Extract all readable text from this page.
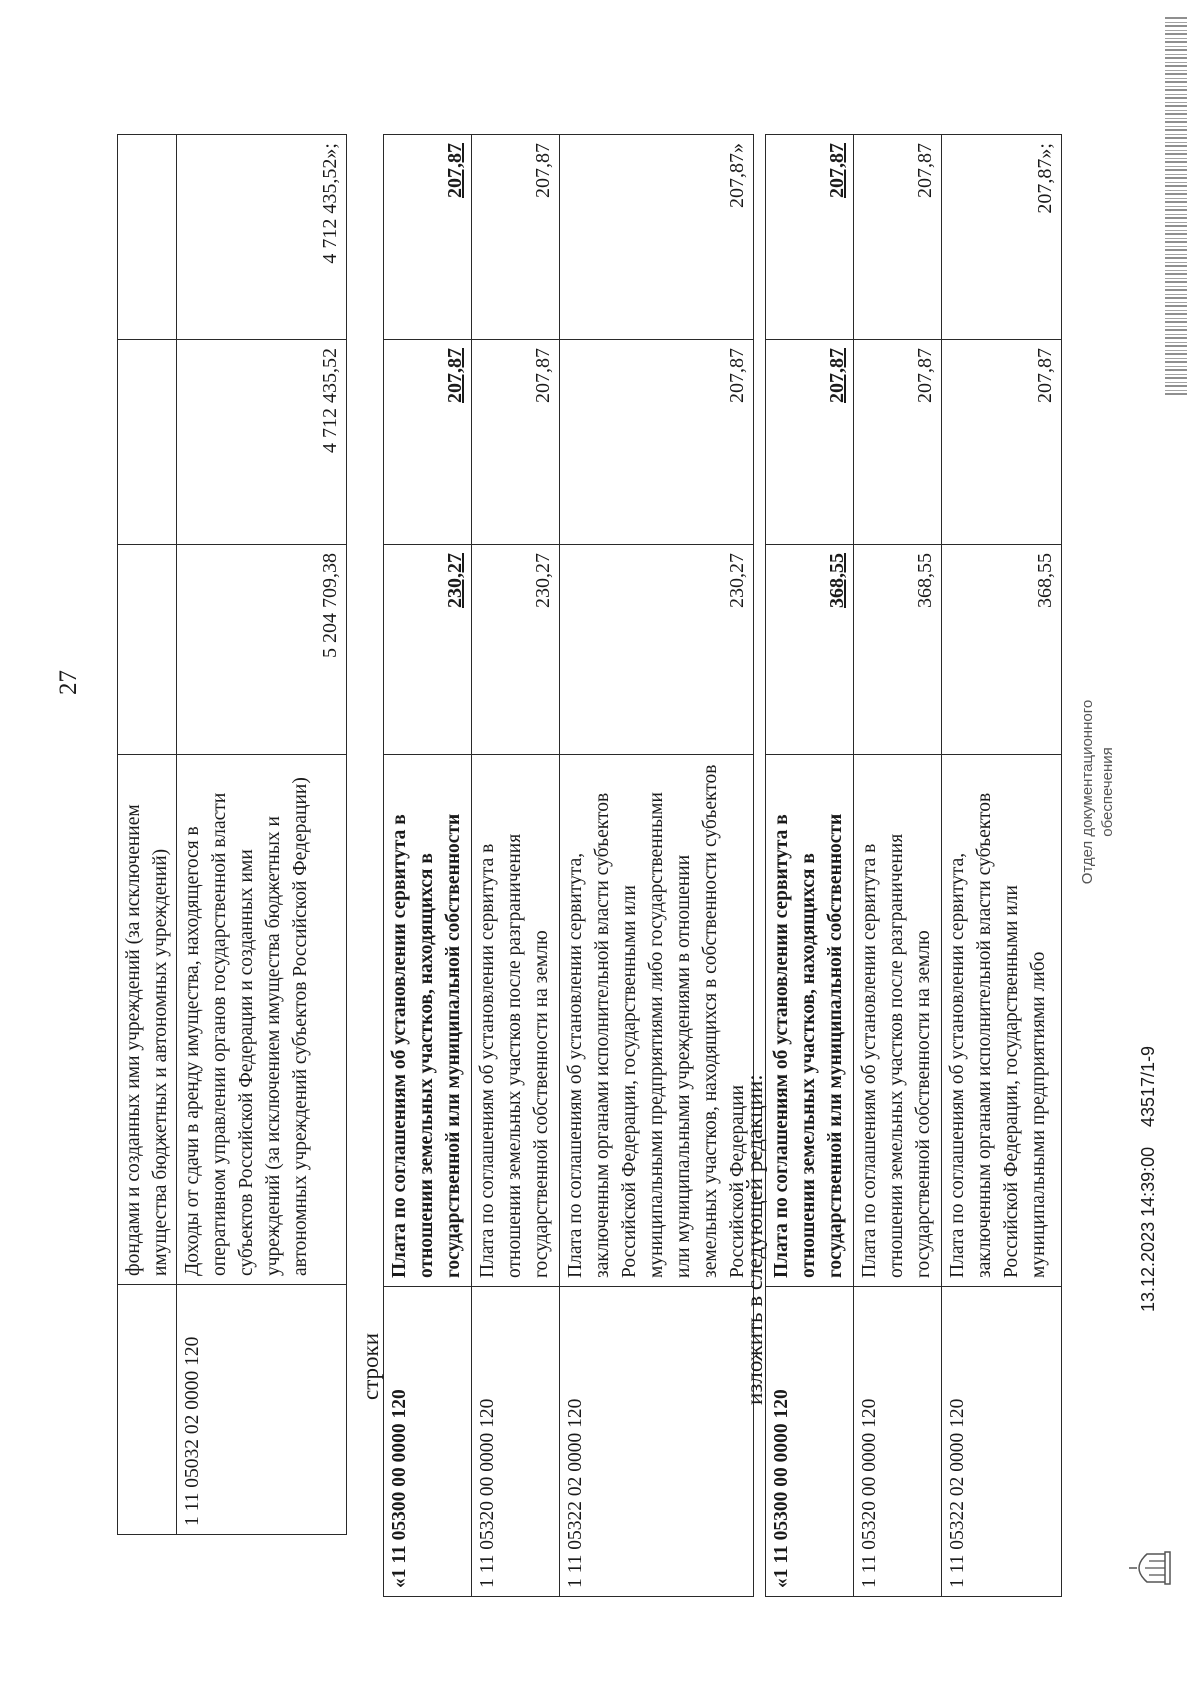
27
	фондами и созданных ими учреждений (за исключением имущества бюджетных и автономных учреждений)			
1 11 05032 02 0000 120	Доходы от сдачи в аренду имущества, находящегося в оперативном управлении органов государственной власти субъектов Российской Федерации и созданных ими учреждений (за исключением имущества бюджетных и автономных учреждений субъектов Российской Федерации)	5 204 709,38	4 712 435,52	4 712 435,52»;
строки
«1 11 05300 00 0000 120	Плата по соглашениям об установлении сервитута в отношении земельных участков, находящихся в государственной или муниципальной собственности	230,27	207,87	207,87
1 11 05320 00 0000 120	Плата по соглашениям об установлении сервитута в отношении земельных участков после разграничения государственной собственности на землю	230,27	207,87	207,87
1 11 05322 02 0000 120	Плата по соглашениям об установлении сервитута, заключенным органами исполнительной власти субъектов Российской Федерации, государственными или муниципальными предприятиями либо государственными или муниципальными учреждениями в отношении земельных участков, находящихся в собственности субъектов Российской Федерации	230,27	207,87	207,87»
изложить в следующей редакции:
«1 11 05300 00 0000 120	Плата по соглашениям об установлении сервитута в отношении земельных участков, находящихся в государственной или муниципальной собственности	368,55	207,87	207,87
1 11 05320 00 0000 120	Плата по соглашениям об установлении сервитута в отношении земельных участков после разграничения государственной собственности на землю	368,55	207,87	207,87
1 11 05322 02 0000 120	Плата по соглашениям об установлении сервитута, заключенным органами исполнительной власти субъектов Российской Федерации, государственными или муниципальными предприятиями либо	368,55	207,87	207,87»;
13.12.2023 14:39:00
43517/1-9
Отдел документационного обеспечения
